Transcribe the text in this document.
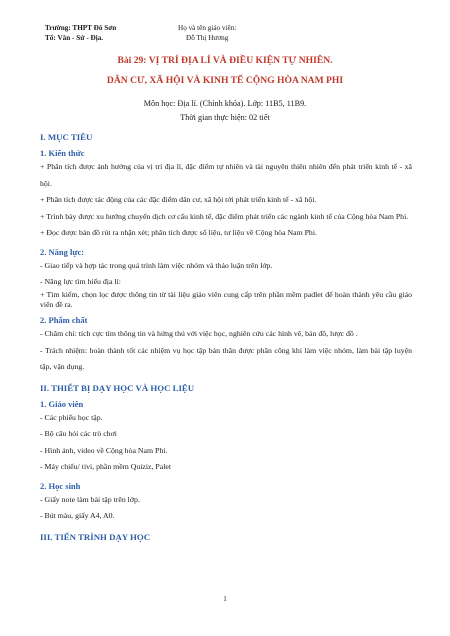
Trường: THPT Đô Sơn
Tổ: Văn - Sử - Địa.
Họ và tên giáo viên:
Đỗ Thị Hương
Bài 29: VỊ TRÍ ĐỊA LÍ VÀ ĐIỀU KIỆN TỰ NHIÊN.
DÂN CƯ, XÃ HỘI VÀ KINH TẾ CỘNG HÒA NAM PHI
Môn học: Địa lí. (Chính khóa). Lớp: 11B5, 11B9.
Thời gian thực hiện: 02 tiết
I. MỤC TIÊU
1. Kiến thức
+ Phân tích được ảnh hưởng của vị trí địa lí, đặc điểm tự nhiên và tài nguyên thiên nhiên đến phát triển kinh tế - xã hội.
+ Phân tích được tác động của các đặc điểm dân cư, xã hội tới phát triển kinh tế - xã hội.
+ Trình bày được xu hướng chuyển dịch cơ cấu kinh tế, đặc điểm phát triển các ngành kinh tế của Cộng hòa Nam Phi.
+ Đọc được bản đồ rút ra nhận xét; phân tích được số liệu, tư liệu về Cộng hòa Nam Phi.
2. Năng lực:
- Giao tiếp và hợp tác trong quá trình làm việc nhóm và thảo luận trên lớp.
- Năng lực tìm hiểu địa lí:
+ Tìm kiếm, chọn lọc được thông tin từ tài liệu giáo viên cung cấp trên phần mềm padlet để hoàn thành yêu cầu giáo viên đề ra.
2. Phẩm chất
- Chăm chỉ: tích cực tìm thông tin và hứng thú với việc học, nghiên cứu các hình vẽ, bản đồ, lược đồ .
- Trách nhiệm: hoàn thành tốt các nhiệm vụ học tập bản thân được phân công khi làm việc nhóm, làm bài tập luyện tập, vận dụng.
II. THIẾT BỊ DẠY HỌC VÀ HỌC LIỆU
1. Giáo viên
- Các phiếu học tập.
- Bộ câu hỏi các trò chơi
- Hình ảnh, video về Cộng hòa Nam Phi.
- Máy chiếu/ tivi, phần mềm Quiziz, Palet
2. Học sinh
- Giấy note làm bài tập trên lớp.
- Bút màu, giấy A4, A0.
III. TIẾN TRÌNH DẠY HỌC
1
